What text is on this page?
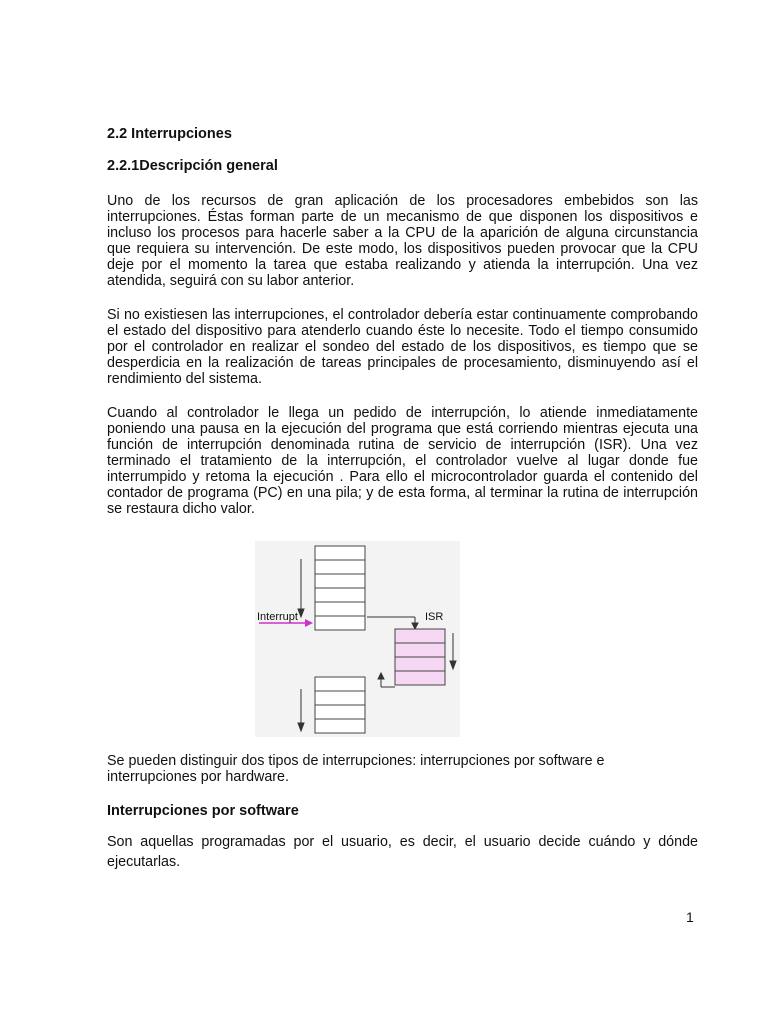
2.2 Interrupciones
2.2.1Descripción general

Uno de los recursos de gran aplicación de los procesadores embebidos son las interrupciones. Éstas forman parte de un mecanismo de que disponen los dispositivos e incluso los procesos para hacerle saber a la CPU de la aparición de alguna circunstancia que requiera su intervención. De este modo, los dispositivos pueden provocar que la CPU deje por el momento la tarea que estaba realizando y atienda la interrupción. Una vez atendida, seguirá con su labor anterior.

Si no existiesen las interrupciones, el controlador debería estar continuamente comprobando el estado del dispositivo para atenderlo cuando éste lo necesite. Todo el tiempo consumido por el controlador en realizar el sondeo del estado de los dispositivos, es tiempo que se desperdicia en la realización de tareas principales de procesamiento, disminuyendo así el rendimiento del sistema.

Cuando al controlador le llega un pedido de interrupción, lo atiende inmediatamente poniendo una pausa en la ejecución del programa que está corriendo mientras ejecuta una función de interrupción denominada rutina de servicio de interrupción (ISR). Una vez terminado el tratamiento de la interrupción, el controlador vuelve al lugar donde fue interrumpido y retoma la ejecución . Para ello el microcontrolador guarda el contenido del contador de programa (PC) en una pila; y de esta forma, al terminar la rutina de interrupción se restaura dicho valor.

Interrupt	ISR

Se pueden distinguir dos tipos de interrupciones: interrupciones por software e interrupciones por hardware.

Interrupciones por software

Son aquellas programadas por el usuario, es decir, el usuario decide cuándo y dónde ejecutarlas.

1
